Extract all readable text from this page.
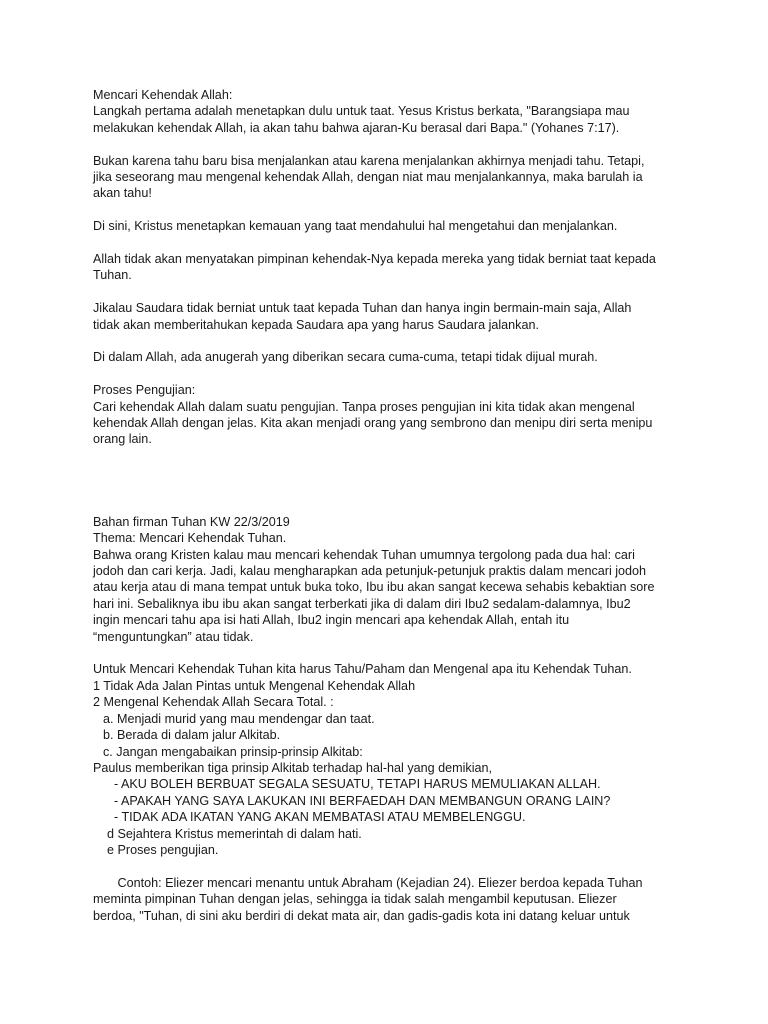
Mencari Kehendak Allah:

Langkah pertama adalah menetapkan dulu untuk taat. Yesus Kristus berkata, "Barangsiapa mau

melakukan kehendak Allah, ia akan tahu bahwa ajaran-Ku berasal dari Bapa." (Yohanes 7:17).

Bukan karena tahu baru bisa menjalankan atau karena menjalankan akhirnya menjadi tahu. Tetapi,

jika seseorang mau mengenal kehendak Allah, dengan niat mau menjalankannya, maka barulah ia

akan tahu!

Di sini, Kristus menetapkan kemauan yang taat mendahului hal mengetahui dan menjalankan.

Allah tidak akan menyatakan pimpinan kehendak-Nya kepada mereka yang tidak berniat taat kepada

Tuhan.

Jikalau Saudara tidak berniat untuk taat kepada Tuhan dan hanya ingin bermain-main saja, Allah

tidak akan memberitahukan kepada Saudara apa yang harus Saudara jalankan.

Di dalam Allah, ada anugerah yang diberikan secara cuma-cuma, tetapi tidak dijual murah.

Proses Pengujian:

Cari kehendak Allah dalam suatu pengujian. Tanpa proses pengujian ini kita tidak akan mengenal

kehendak Allah dengan jelas. Kita akan menjadi orang yang sembrono dan menipu diri serta menipu

orang lain.

Bahan firman Tuhan KW 22/3/2019

Thema: Mencari Kehendak Tuhan.

Bahwa orang Kristen kalau mau mencari kehendak Tuhan umumnya tergolong pada dua hal: cari

jodoh dan cari kerja. Jadi, kalau mengharapkan ada petunjuk-petunjuk praktis dalam mencari jodoh

atau kerja atau di mana tempat untuk buka toko, Ibu ibu akan sangat kecewa sehabis kebaktian sore

hari ini. Sebaliknya ibu ibu akan sangat terberkati jika di dalam diri Ibu2 sedalam-dalamnya, Ibu2

ingin mencari tahu apa isi hati Allah, Ibu2 ingin mencari apa kehendak Allah, entah itu

“menguntungkan” atau tidak.

Untuk Mencari Kehendak Tuhan kita harus Tahu/Paham dan Mengenal apa itu Kehendak Tuhan.

1 Tidak Ada Jalan Pintas untuk Mengenal Kehendak Allah

2 Mengenal Kehendak Allah Secara Total. :

a. Menjadi murid yang mau mendengar dan taat.

b. Berada di dalam jalur Alkitab.

c. Jangan mengabaikan prinsip-prinsip Alkitab:

Paulus memberikan tiga prinsip Alkitab terhadap hal-hal yang demikian,

- AKU BOLEH BERBUAT SEGALA SESUATU, TETAPI HARUS MEMULIAKAN ALLAH.

- APAKAH YANG SAYA LAKUKAN INI BERFAEDAH DAN MEMBANGUN ORANG LAIN?

- TIDAK ADA IKATAN YANG AKAN MEMBATASI ATAU MEMBELENGGU.

d Sejahtera Kristus memerintah di dalam hati.

e Proses pengujian.

Contoh: Eliezer mencari menantu untuk Abraham (Kejadian 24). Eliezer berdoa kepada Tuhan

meminta pimpinan Tuhan dengan jelas, sehingga ia tidak salah mengambil keputusan. Eliezer

berdoa, "Tuhan, di sini aku berdiri di dekat mata air, dan gadis-gadis kota ini datang keluar untuk
